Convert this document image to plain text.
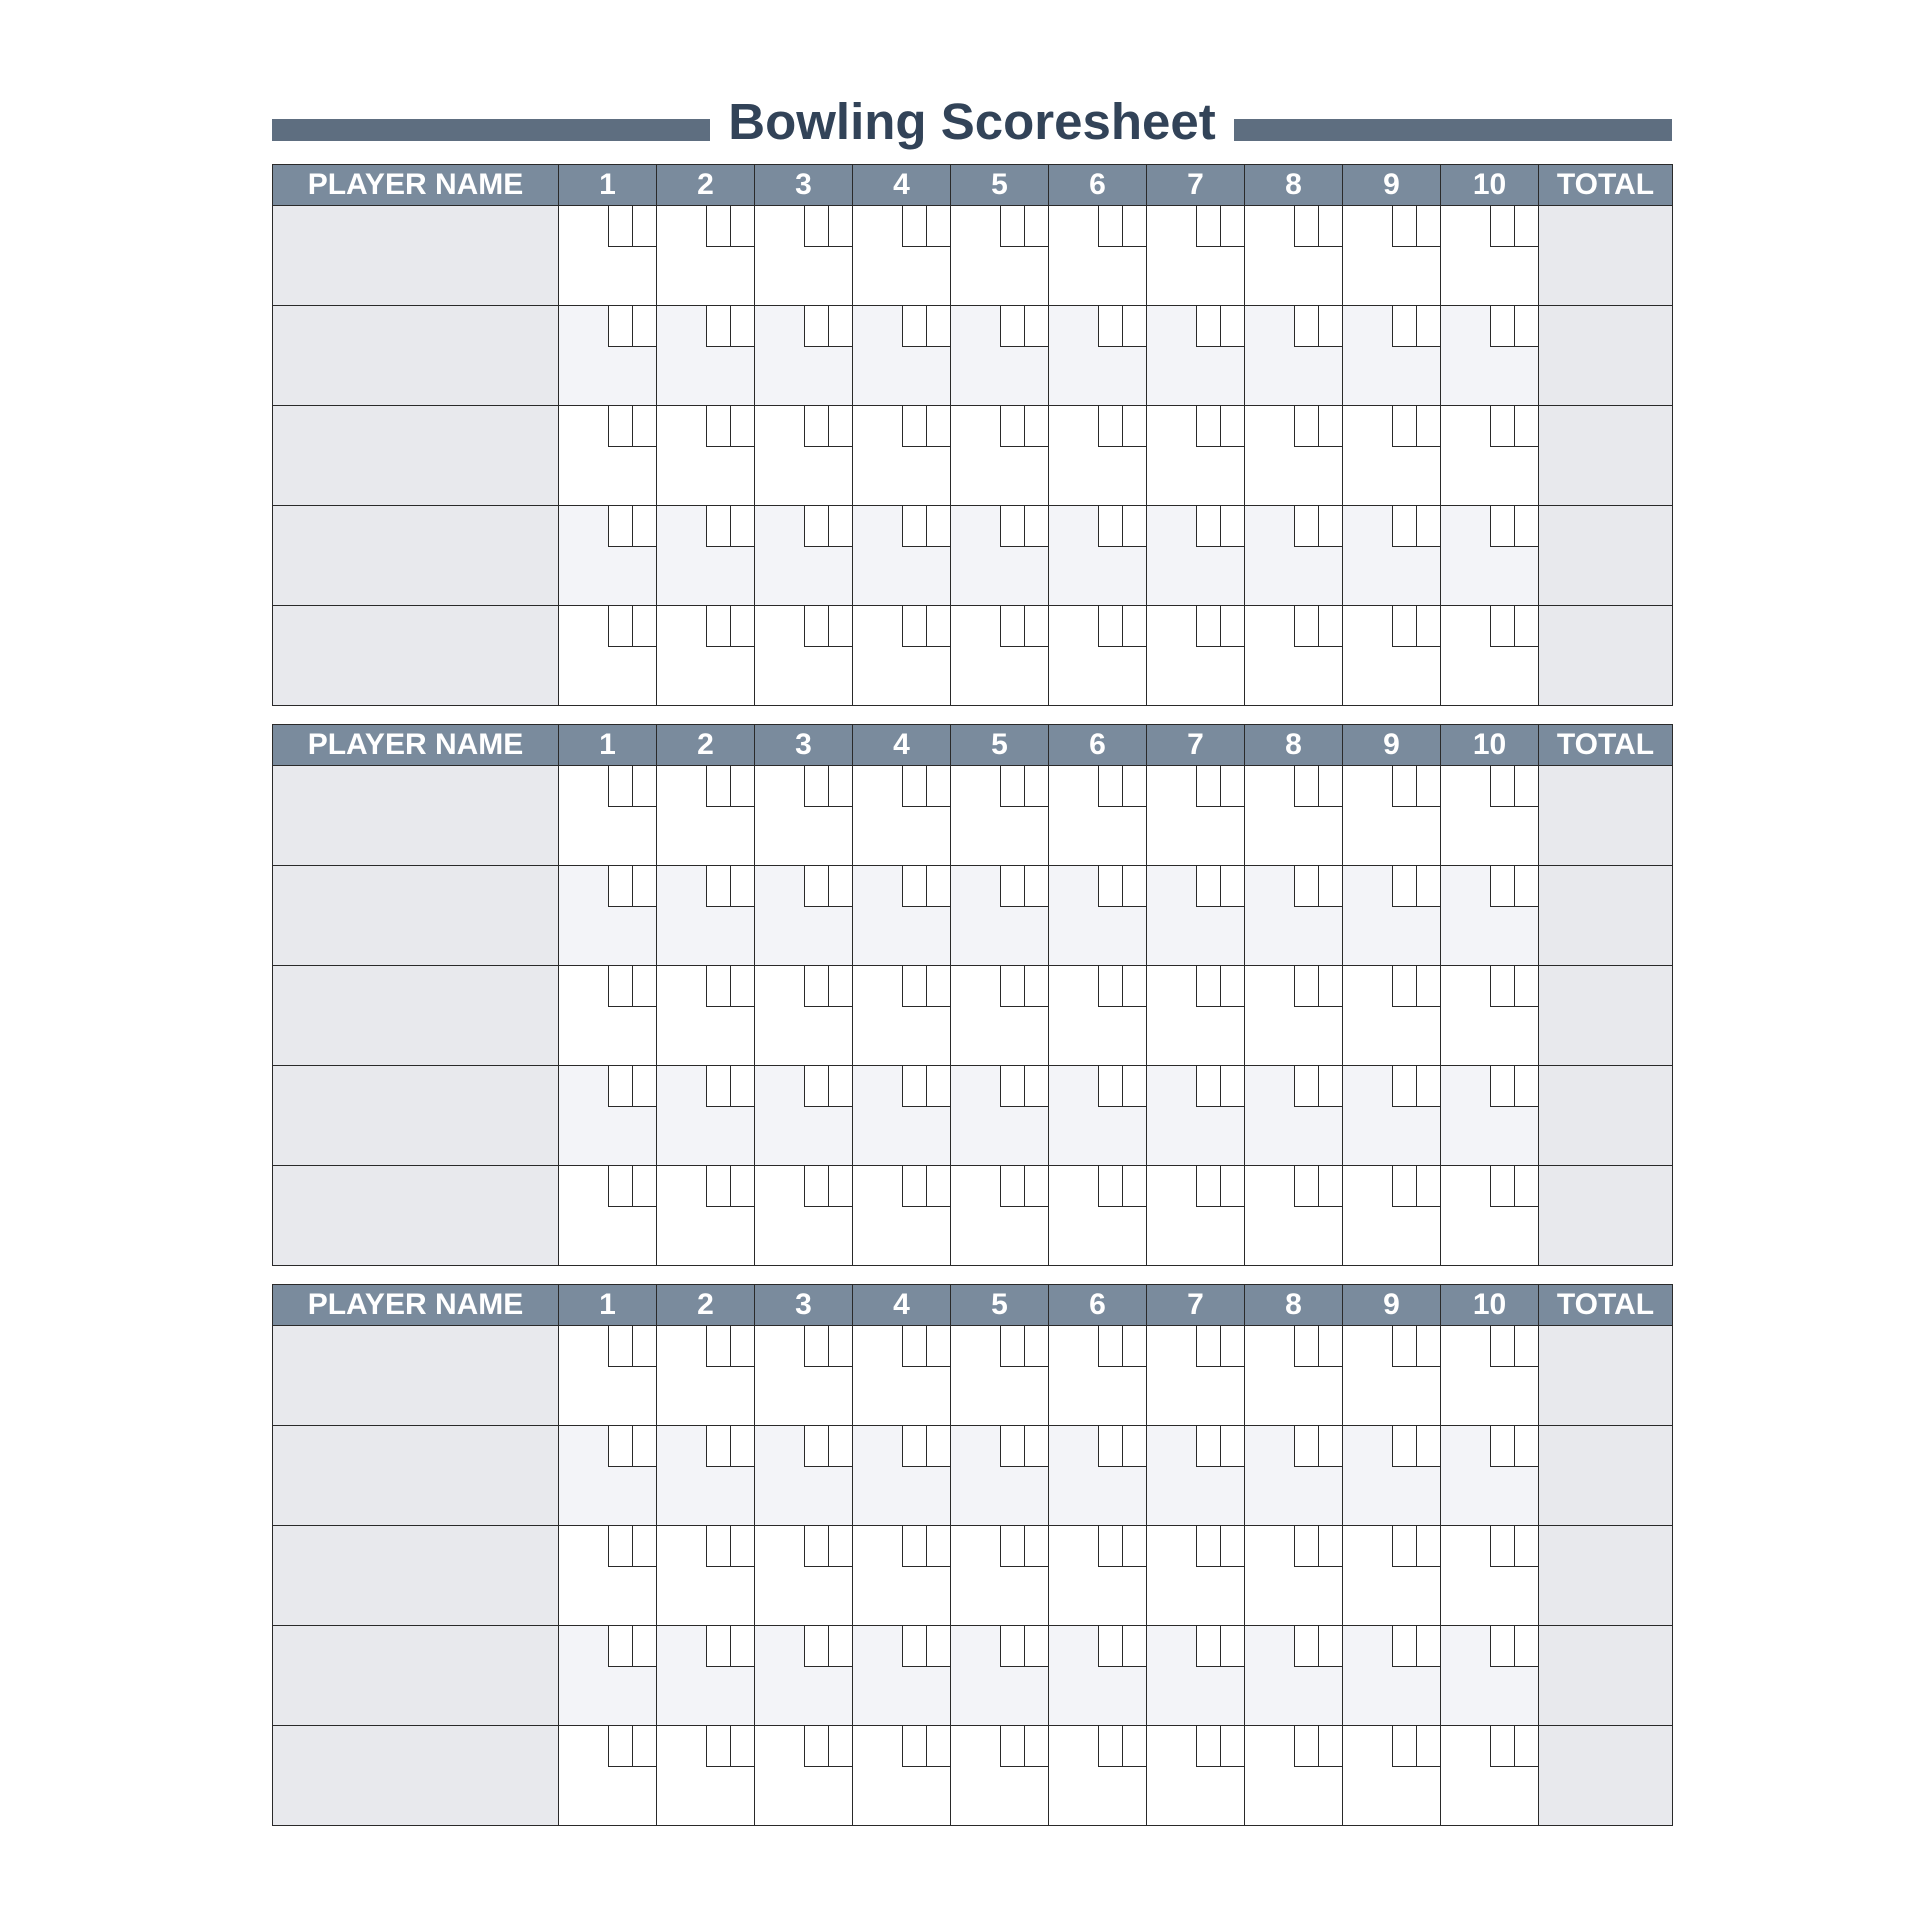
Bowling Scoresheet
PLAYER NAME	1	2	3	4	5	6	7	8	9	10	TOTAL

PLAYER NAME	1	2	3	4	5	6	7	8	9	10	TOTAL

PLAYER NAME	1	2	3	4	5	6	7	8	9	10	TOTAL
